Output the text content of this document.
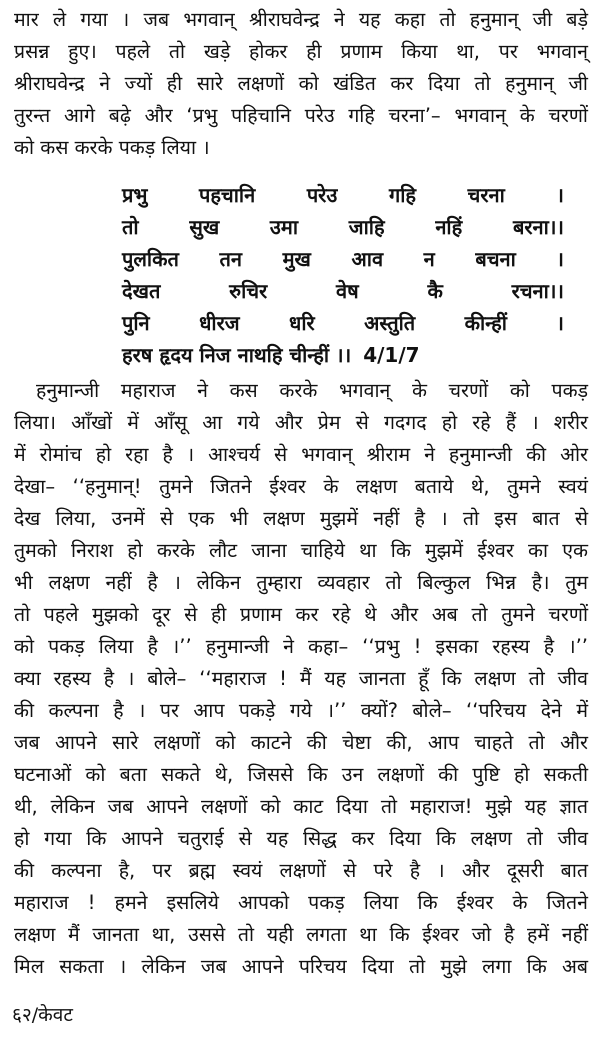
मार ले गया । जब भगवान् श्रीराघवेन्द्र ने यह कहा तो हनुमान् जी बड़े
प्रसन्न हुए। पहले तो खड़े होकर ही प्रणाम किया था, पर भगवान्
श्रीराघवेन्द्र ने ज्यों ही सारे लक्षणों को खंडित कर दिया तो हनुमान् जी
तुरन्त आगे बढ़े और ‘प्रभु पहिचानि परेउ गहि चरना’– भगवान् के चरणों
को कस करके पकड़ लिया ।
प्रभु पहचानि परेउ गहि चरना ।
तो सुख उमा जाहि नहिं बरना।।
पुलकित तन मुख आव न बचना ।
देखत रुचिर वेष कै रचना।।
पुनि धीरज धरि अस्तुति कीन्हीं ।
हरष हृदय निज नाथहि चीन्हीं ।। 4/1/7
हनुमान्जी महाराज ने कस करके भगवान् के चरणों को पकड़
लिया। आँखों में आँसू आ गये और प्रेम से गदगद हो रहे हैं । शरीर
में रोमांच हो रहा है । आश्चर्य से भगवान् श्रीराम ने हनुमान्जी की ओर
देखा– ‘‘हनुमान्! तुमने जितने ईश्वर के लक्षण बताये थे, तुमने स्वयं
देख लिया, उनमें से एक भी लक्षण मुझमें नहीं है । तो इस बात से
तुमको निराश हो करके लौट जाना चाहिये था कि मुझमें ईश्वर का एक
भी लक्षण नहीं है । लेकिन तुम्हारा व्यवहार तो बिल्कुल भिन्न है। तुम
तो पहले मुझको दूर से ही प्रणाम कर रहे थे और अब तो तुमने चरणों
को पकड़ लिया है ।’’ हनुमान्जी ने कहा– ‘‘प्रभु ! इसका रहस्य है ।’’
क्या रहस्य है । बोले– ‘‘महाराज ! मैं यह जानता हूँ कि लक्षण तो जीव
की कल्पना है । पर आप पकड़े गये ।’’ क्यों? बोले– ‘‘परिचय देने में
जब आपने सारे लक्षणों को काटने की चेष्टा की, आप चाहते तो और
घटनाओं को बता सकते थे, जिससे कि उन लक्षणों की पुष्टि हो सकती
थी, लेकिन जब आपने लक्षणों को काट दिया तो महाराज! मुझे यह ज्ञात
हो गया कि आपने चतुराई से यह सिद्ध कर दिया कि लक्षण तो जीव
की कल्पना है, पर ब्रह्म स्वयं लक्षणों से परे है । और दूसरी बात
महाराज ! हमने इसलिये आपको पकड़ लिया कि ईश्वर के जितने
लक्षण मैं जानता था, उससे तो यही लगता था कि ईश्वर जो है हमें नहीं
मिल सकता । लेकिन जब आपने परिचय दिया तो मुझे लगा कि अब
६२/केवट
